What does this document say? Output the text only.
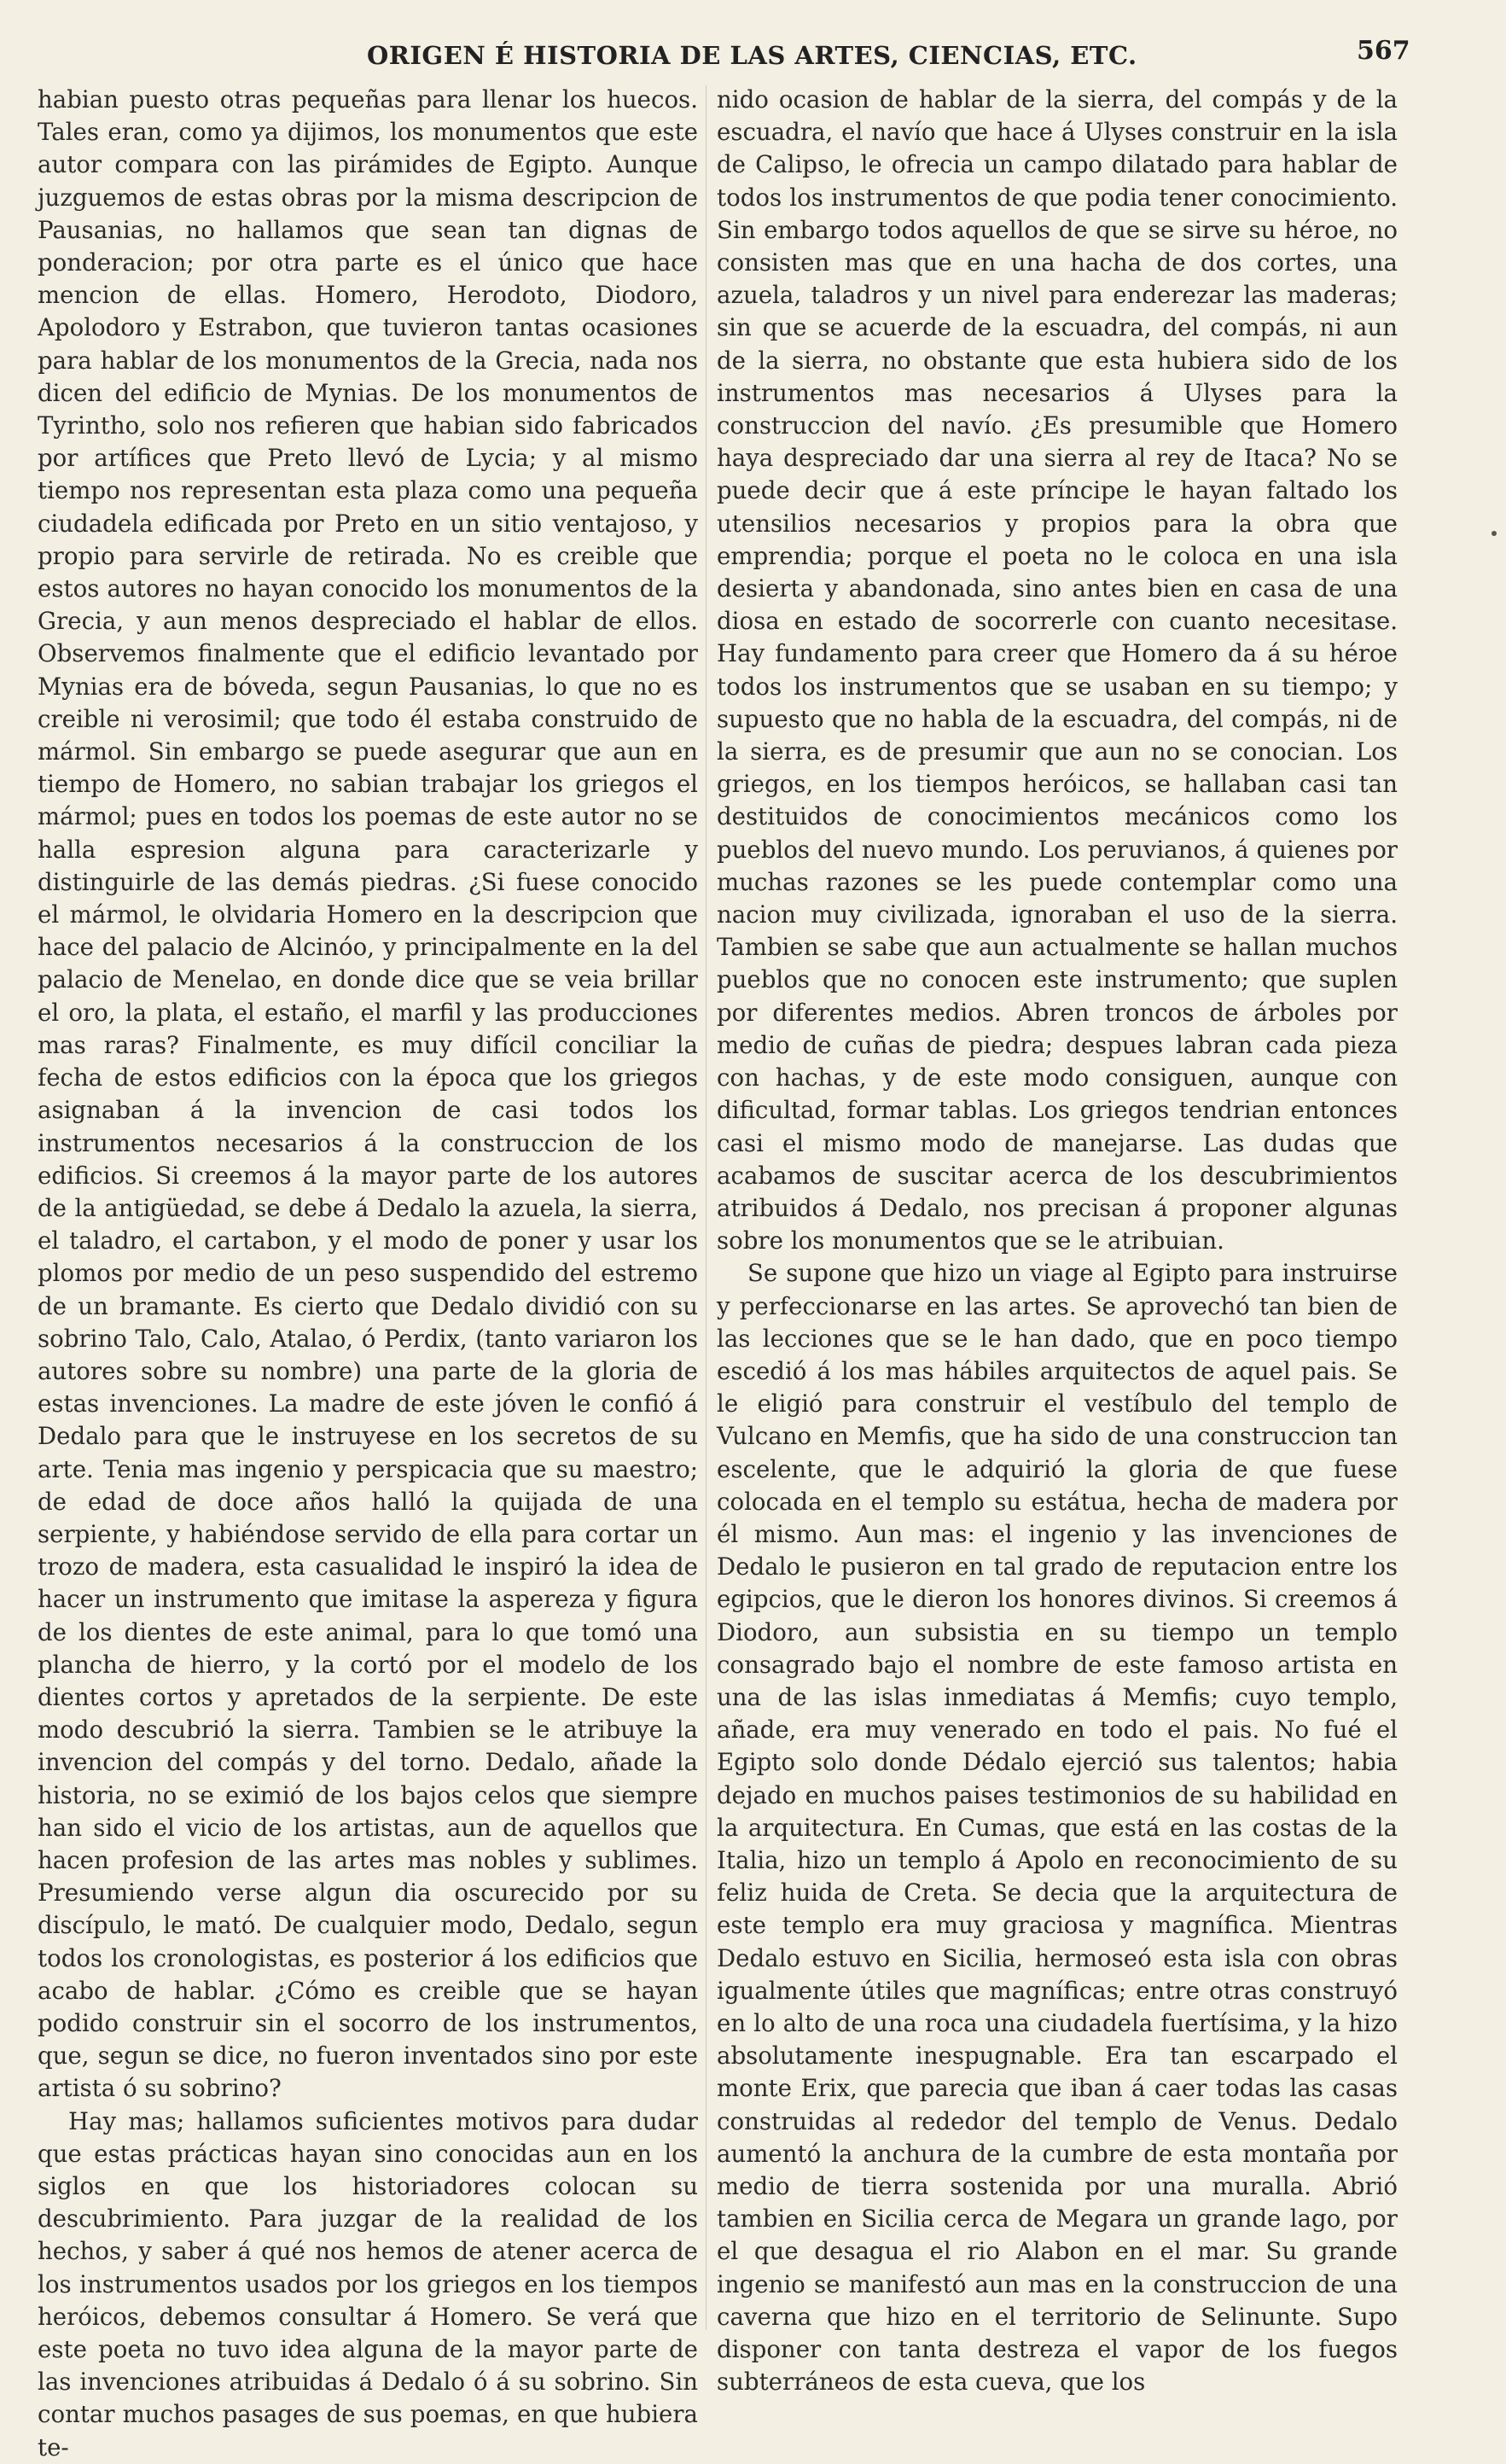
ORIGEN É HISTORIA DE LAS ARTES, CIENCIAS, ETC.	567

habian puesto otras pequeñas para llenar los huecos. Tales eran, como ya dijimos, los monumentos que este autor compara con las pirámides de Egipto. Aunque juzguemos de estas obras por la misma descripcion de Pausanias, no hallamos que sean tan dignas de ponderacion; por otra parte es el único que hace mencion de ellas. Homero, Herodoto, Diodoro, Apolodoro y Estrabon, que tuvieron tantas ocasiones para hablar de los monumentos de la Grecia, nada nos dicen del edificio de Mynias. De los monumentos de Tyrintho, solo nos refieren que habian sido fabricados por artífices que Preto llevó de Lycia; y al mismo tiempo nos representan esta plaza como una pequeña ciudadela edificada por Preto en un sitio ventajoso, y propio para servirle de retirada. No es creible que estos autores no hayan conocido los monumentos de la Grecia, y aun menos despreciado el hablar de ellos. Observemos finalmente que el edificio levantado por Mynias era de bóveda, segun Pausanias, lo que no es creible ni verosimil; que todo él estaba construido de mármol. Sin embargo se puede asegurar que aun en tiempo de Homero, no sabian trabajar los griegos el mármol; pues en todos los poemas de este autor no se halla espresion alguna para caracterizarle y distinguirle de las demás piedras. ¿Si fuese conocido el mármol, le olvidaria Homero en la descripcion que hace del palacio de Alcinóo, y principalmente en la del palacio de Menelao, en donde dice que se veia brillar el oro, la plata, el estaño, el marfil y las producciones mas raras? Finalmente, es muy difícil conciliar la fecha de estos edificios con la época que los griegos asignaban á la invencion de casi todos los instrumentos necesarios á la construccion de los edificios. Si creemos á la mayor parte de los autores de la antigüedad, se debe á Dedalo la azuela, la sierra, el taladro, el cartabon, y el modo de poner y usar los plomos por medio de un peso suspendido del estremo de un bramante. Es cierto que Dedalo dividió con su sobrino Talo, Calo, Atalao, ó Perdix, (tanto variaron los autores sobre su nombre) una parte de la gloria de estas invenciones. La madre de este jóven le confió á Dedalo para que le instruyese en los secretos de su arte. Tenia mas ingenio y perspicacia que su maestro; de edad de doce años halló la quijada de una serpiente, y habiéndose servido de ella para cortar un trozo de madera, esta casualidad le inspiró la idea de hacer un instrumento que imitase la aspereza y figura de los dientes de este animal, para lo que tomó una plancha de hierro, y la cortó por el modelo de los dientes cortos y apretados de la serpiente. De este modo descubrió la sierra. Tambien se le atribuye la invencion del compás y del torno. Dedalo, añade la historia, no se eximió de los bajos celos que siempre han sido el vicio de los artistas, aun de aquellos que hacen profesion de las artes mas nobles y sublimes. Presumiendo verse algun dia oscurecido por su discípulo, le mató. De cualquier modo, Dedalo, segun todos los cronologistas, es posterior á los edificios que acabo de hablar. ¿Cómo es creible que se hayan podido construir sin el socorro de los instrumentos, que, segun se dice, no fueron inventados sino por este artista ó su sobrino?

Hay mas; hallamos suficientes motivos para dudar que estas prácticas hayan sino conocidas aun en los siglos en que los historiadores colocan su descubrimiento. Para juzgar de la realidad de los hechos, y saber á qué nos hemos de atener acerca de los instrumentos usados por los griegos en los tiempos heróicos, debemos consultar á Homero. Se verá que este poeta no tuvo idea alguna de la mayor parte de las invenciones atribuidas á Dedalo ó á su sobrino. Sin contar muchos pasages de sus poemas, en que hubiera te-

nido ocasion de hablar de la sierra, del compás y de la escuadra, el navío que hace á Ulyses construir en la isla de Calipso, le ofrecia un campo dilatado para hablar de todos los instrumentos de que podia tener conocimiento. Sin embargo todos aquellos de que se sirve su héroe, no consisten mas que en una hacha de dos cortes, una azuela, taladros y un nivel para enderezar las maderas; sin que se acuerde de la escuadra, del compás, ni aun de la sierra, no obstante que esta hubiera sido de los instrumentos mas necesarios á Ulyses para la construccion del navío. ¿Es presumible que Homero haya despreciado dar una sierra al rey de Itaca? No se puede decir que á este príncipe le hayan faltado los utensilios necesarios y propios para la obra que emprendia; porque el poeta no le coloca en una isla desierta y abandonada, sino antes bien en casa de una diosa en estado de socorrerle con cuanto necesitase. Hay fundamento para creer que Homero da á su héroe todos los instrumentos que se usaban en su tiempo; y supuesto que no habla de la escuadra, del compás, ni de la sierra, es de presumir que aun no se conocian. Los griegos, en los tiempos heróicos, se hallaban casi tan destituidos de conocimientos mecánicos como los pueblos del nuevo mundo. Los peruvianos, á quienes por muchas razones se les puede contemplar como una nacion muy civilizada, ignoraban el uso de la sierra. Tambien se sabe que aun actualmente se hallan muchos pueblos que no conocen este instrumento; que suplen por diferentes medios. Abren troncos de árboles por medio de cuñas de piedra; despues labran cada pieza con hachas, y de este modo consiguen, aunque con dificultad, formar tablas. Los griegos tendrian entonces casi el mismo modo de manejarse. Las dudas que acabamos de suscitar acerca de los descubrimientos atribuidos á Dedalo, nos precisan á proponer algunas sobre los monumentos que se le atribuian.

Se supone que hizo un viage al Egipto para instruirse y perfeccionarse en las artes. Se aprovechó tan bien de las lecciones que se le han dado, que en poco tiempo escedió á los mas hábiles arquitectos de aquel pais. Se le eligió para construir el vestíbulo del templo de Vulcano en Memfis, que ha sido de una construccion tan escelente, que le adquirió la gloria de que fuese colocada en el templo su estátua, hecha de madera por él mismo. Aun mas: el ingenio y las invenciones de Dedalo le pusieron en tal grado de reputacion entre los egipcios, que le dieron los honores divinos. Si creemos á Diodoro, aun subsistia en su tiempo un templo consagrado bajo el nombre de este famoso artista en una de las islas inmediatas á Memfis; cuyo templo, añade, era muy venerado en todo el pais. No fué el Egipto solo donde Dédalo ejerció sus talentos; habia dejado en muchos paises testimonios de su habilidad en la arquitectura. En Cumas, que está en las costas de la Italia, hizo un templo á Apolo en reconocimiento de su feliz huida de Creta. Se decia que la arquitectura de este templo era muy graciosa y magnífica. Mientras Dedalo estuvo en Sicilia, hermoseó esta isla con obras igualmente útiles que magníficas; entre otras construyó en lo alto de una roca una ciudadela fuertísima, y la hizo absolutamente inespugnable. Era tan escarpado el monte Erix, que parecia que iban á caer todas las casas construidas al rededor del templo de Venus. Dedalo aumentó la anchura de la cumbre de esta montaña por medio de tierra sostenida por una muralla. Abrió tambien en Sicilia cerca de Megara un grande lago, por el que desagua el rio Alabon en el mar. Su grande ingenio se manifestó aun mas en la construccion de una caverna que hizo en el territorio de Selinunte. Supo disponer con tanta destreza el vapor de los fuegos subterráneos de esta cueva, que los
